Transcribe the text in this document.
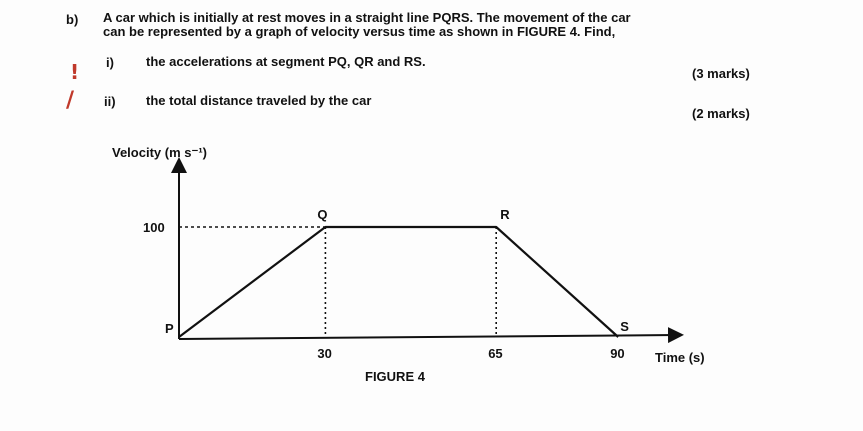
b) A car which is initially at rest moves in a straight line PQRS. The movement of the car
can be represented by a graph of velocity versus time as shown in FIGURE 4. Find,
! i) the accelerations at segment PQ, QR and RS.
(3 marks)
/ ii) the total distance traveled by the car
(2 marks)
Velocity (m s⁻¹)
Time (s)
FIGURE 4
100
30	65	90
P
Q	R
S
